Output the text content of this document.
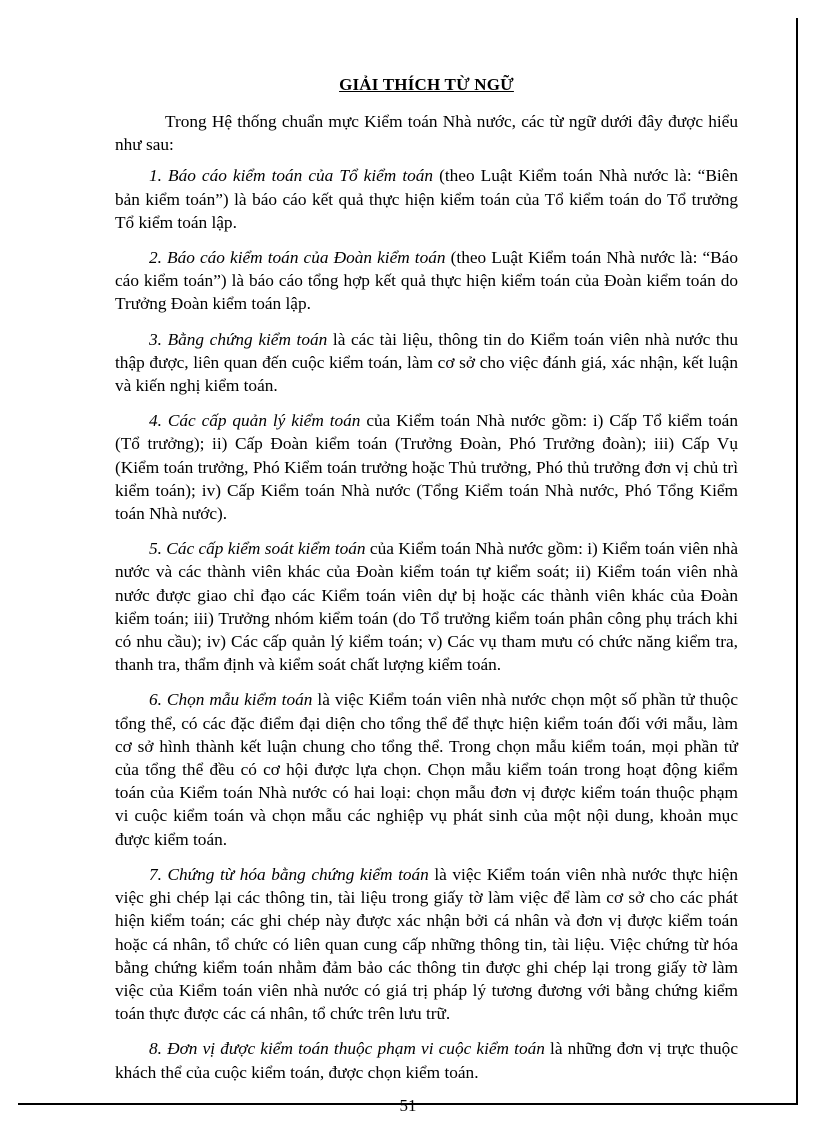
GIẢI THÍCH TỪ NGỮ

Trong Hệ thống chuẩn mực Kiểm toán Nhà nước, các từ ngữ dưới đây được hiểu như sau:

1. Báo cáo kiểm toán của Tổ kiểm toán (theo Luật Kiểm toán Nhà nước là: “Biên bản kiểm toán”) là báo cáo kết quả thực hiện kiểm toán của Tổ kiểm toán do Tổ trưởng Tổ kiểm toán lập.

2. Báo cáo kiểm toán của Đoàn kiểm toán (theo Luật Kiểm toán Nhà nước là: “Báo cáo kiểm toán”) là báo cáo tổng hợp kết quả thực hiện kiểm toán của Đoàn kiểm toán do Trưởng Đoàn kiểm toán lập.

3. Bằng chứng kiểm toán là các tài liệu, thông tin do Kiểm toán viên nhà nước thu thập được, liên quan đến cuộc kiểm toán, làm cơ sở cho việc đánh giá, xác nhận, kết luận và kiến nghị kiểm toán.

4. Các cấp quản lý kiểm toán của Kiểm toán Nhà nước gồm: i) Cấp Tổ kiểm toán (Tổ trưởng); ii) Cấp Đoàn kiểm toán (Trưởng Đoàn, Phó Trưởng đoàn); iii) Cấp Vụ (Kiểm toán trưởng, Phó Kiểm toán trưởng hoặc Thủ trưởng, Phó thủ trưởng đơn vị chủ trì kiểm toán); iv) Cấp Kiểm toán Nhà nước (Tổng Kiểm toán Nhà nước, Phó Tổng Kiểm toán Nhà nước).

5. Các cấp kiểm soát kiểm toán của Kiểm toán Nhà nước gồm: i) Kiểm toán viên nhà nước và các thành viên khác của Đoàn kiểm toán tự kiểm soát; ii) Kiểm toán viên nhà nước được giao chỉ đạo các Kiểm toán viên dự bị hoặc các thành viên khác của Đoàn kiểm toán; iii) Trưởng nhóm kiểm toán (do Tổ trưởng kiểm toán phân công phụ trách khi có nhu cầu); iv) Các cấp quản lý kiểm toán; v) Các vụ tham mưu có chức năng kiểm tra, thanh tra, thẩm định và kiểm soát chất lượng kiểm toán.

6. Chọn mẫu kiểm toán là việc Kiểm toán viên nhà nước chọn một số phần tử thuộc tổng thể, có các đặc điểm đại diện cho tổng thể để thực hiện kiểm toán đối với mẫu, làm cơ sở hình thành kết luận chung cho tổng thể. Trong chọn mẫu kiểm toán, mọi phần tử của tổng thể đều có cơ hội được lựa chọn. Chọn mẫu kiểm toán trong hoạt động kiểm toán của Kiểm toán Nhà nước có hai loại: chọn mẫu đơn vị được kiểm toán thuộc phạm vi cuộc kiểm toán và chọn mẫu các nghiệp vụ phát sinh của một nội dung, khoản mục được kiểm toán.

7. Chứng từ hóa bằng chứng kiểm toán là việc Kiểm toán viên nhà nước thực hiện việc ghi chép lại các thông tin, tài liệu trong giấy tờ làm việc để làm cơ sở cho các phát hiện kiểm toán; các ghi chép này được xác nhận bởi cá nhân và đơn vị được kiểm toán hoặc cá nhân, tổ chức có liên quan cung cấp những thông tin, tài liệu. Việc chứng từ hóa bằng chứng kiểm toán nhằm đảm bảo các thông tin được ghi chép lại trong giấy tờ làm việc của Kiểm toán viên nhà nước có giá trị pháp lý tương đương với bằng chứng kiểm toán thực được các cá nhân, tổ chức trên lưu trữ.

8. Đơn vị được kiểm toán thuộc phạm vi cuộc kiểm toán là những đơn vị trực thuộc khách thể của cuộc kiểm toán, được chọn kiểm toán.

51
